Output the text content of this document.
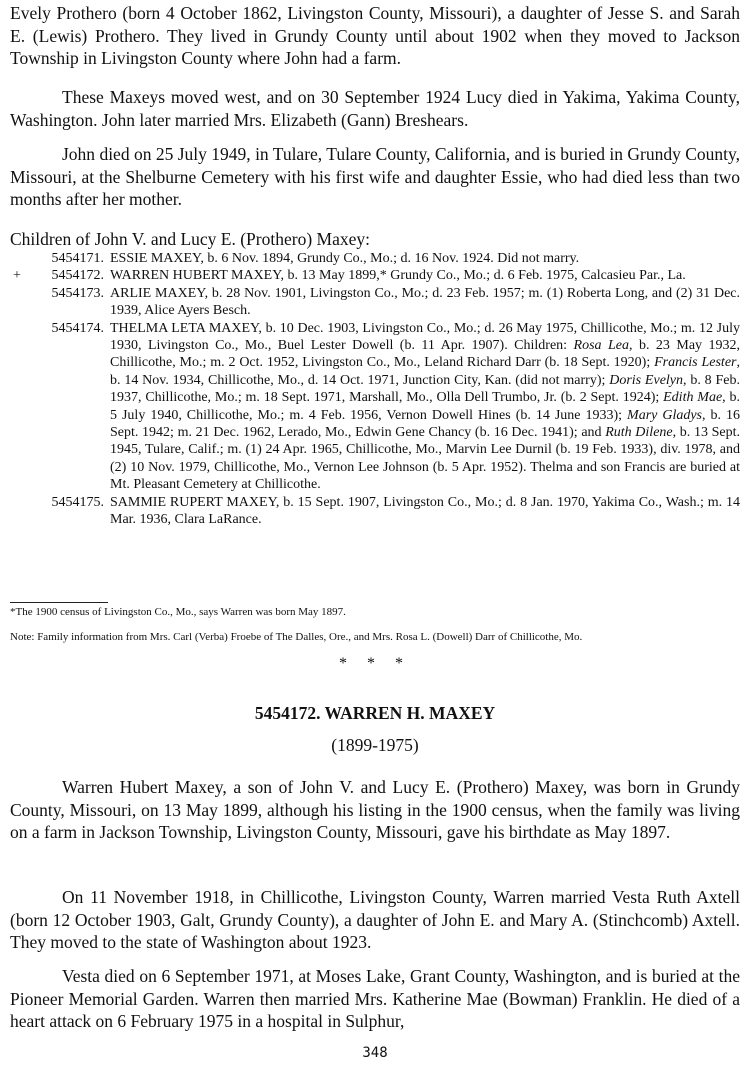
Evely Prothero (born 4 October 1862, Livingston County, Missouri), a daughter of Jesse S. and Sarah E. (Lewis) Prothero. They lived in Grundy County until about 1902 when they moved to Jackson Township in Livingston County where John had a farm.

These Maxeys moved west, and on 30 September 1924 Lucy died in Yakima, Yakima County, Washington. John later married Mrs. Elizabeth (Gann) Breshears.

John died on 25 July 1949, in Tulare, Tulare County, California, and is buried in Grundy County, Missouri, at the Shelburne Cemetery with his first wife and daughter Essie, who had died less than two months after her mother.

Children of John V. and Lucy E. (Prothero) Maxey:

5454171. ESSIE MAXEY, b. 6 Nov. 1894, Grundy Co., Mo.; d. 16 Nov. 1924. Did not marry.

+	5454172. WARREN HUBERT MAXEY, b. 13 May 1899,* Grundy Co., Mo.; d. 6 Feb. 1975, Calcasieu Par., La.

5454173. ARLIE MAXEY, b. 28 Nov. 1901, Livingston Co., Mo.; d. 23 Feb. 1957; m. (1) Roberta Long, and (2) 31 Dec. 1939, Alice Ayers Besch.

5454174. THELMA LETA MAXEY, b. 10 Dec. 1903, Livingston Co., Mo.; d. 26 May 1975, Chillicothe, Mo.; m. 12 July 1930, Livingston Co., Mo., Buel Lester Dowell (b. 11 Apr. 1907). Children: Rosa Lea, b. 23 May 1932, Chillicothe, Mo.; m. 2 Oct. 1952, Livingston Co., Mo., Leland Richard Darr (b. 18 Sept. 1920); Francis Lester, b. 14 Nov. 1934, Chillicothe, Mo., d. 14 Oct. 1971, Junction City, Kan. (did not marry); Doris Evelyn, b. 8 Feb. 1937, Chillicothe, Mo.; m. 18 Sept. 1971, Marshall, Mo., Olla Dell Trumbo, Jr. (b. 2 Sept. 1924); Edith Mae, b. 5 July 1940, Chillicothe, Mo.; m. 4 Feb. 1956, Vernon Dowell Hines (b. 14 June 1933); Mary Gladys, b. 16 Sept. 1942; m. 21 Dec. 1962, Lerado, Mo., Edwin Gene Chancy (b. 16 Dec. 1941); and Ruth Dilene, b. 13 Sept. 1945, Tulare, Calif.; m. (1) 24 Apr. 1965, Chillicothe, Mo., Marvin Lee Durnil (b. 19 Feb. 1933), div. 1978, and (2) 10 Nov. 1979, Chillicothe, Mo., Vernon Lee Johnson (b. 5 Apr. 1952). Thelma and son Francis are buried at Mt. Pleasant Cemetery at Chillicothe.

5454175. SAMMIE RUPERT MAXEY, b. 15 Sept. 1907, Livingston Co., Mo.; d. 8 Jan. 1970, Yakima Co., Wash.; m. 14 Mar. 1936, Clara LaRance.

*The 1900 census of Livingston Co., Mo., says Warren was born May 1897.
Note: Family information from Mrs. Carl (Verba) Froebe of The Dalles, Ore., and Mrs. Rosa L. (Dowell) Darr of Chillicothe, Mo.
* * *
5454172. WARREN H. MAXEY
(1899-1975)

Warren Hubert Maxey, a son of John V. and Lucy E. (Prothero) Maxey, was born in Grundy County, Missouri, on 13 May 1899, although his listing in the 1900 census, when the family was living on a farm in Jackson Township, Livingston County, Missouri, gave his birthdate as May 1897.

On 11 November 1918, in Chillicothe, Livingston County, Warren married Vesta Ruth Axtell (born 12 October 1903, Galt, Grundy County), a daughter of John E. and Mary A. (Stinchcomb) Axtell. They moved to the state of Washington about 1923.

Vesta died on 6 September 1971, at Moses Lake, Grant County, Washington, and is buried at the Pioneer Memorial Garden. Warren then married Mrs. Katherine Mae (Bowman) Franklin. He died of a heart attack on 6 February 1975 in a hospital in Sulphur,

348
